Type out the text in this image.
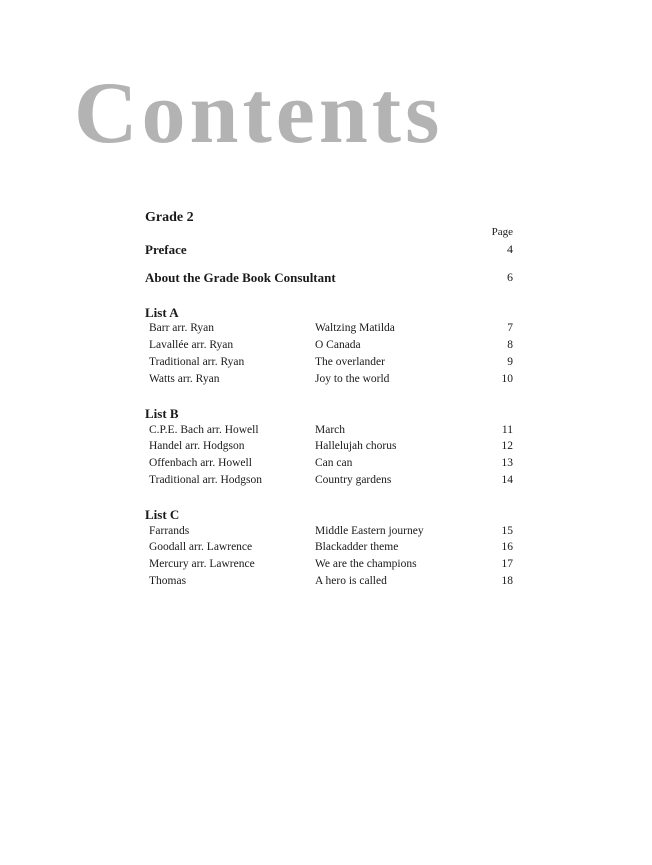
Contents
Grade 2
Page
Preface	4
About the Grade Book Consultant	6
List A
Barr arr. Ryan	Waltzing Matilda	7
Lavallée arr. Ryan	O Canada	8
Traditional arr. Ryan	The overlander	9
Watts arr. Ryan	Joy to the world	10
List B
C.P.E. Bach arr. Howell	March	11
Handel arr. Hodgson	Hallelujah chorus	12
Offenbach arr. Howell	Can can	13
Traditional arr. Hodgson	Country gardens	14
List C
Farrands	Middle Eastern journey	15
Goodall arr. Lawrence	Blackadder theme	16
Mercury arr. Lawrence	We are the champions	17
Thomas	A hero is called	18
